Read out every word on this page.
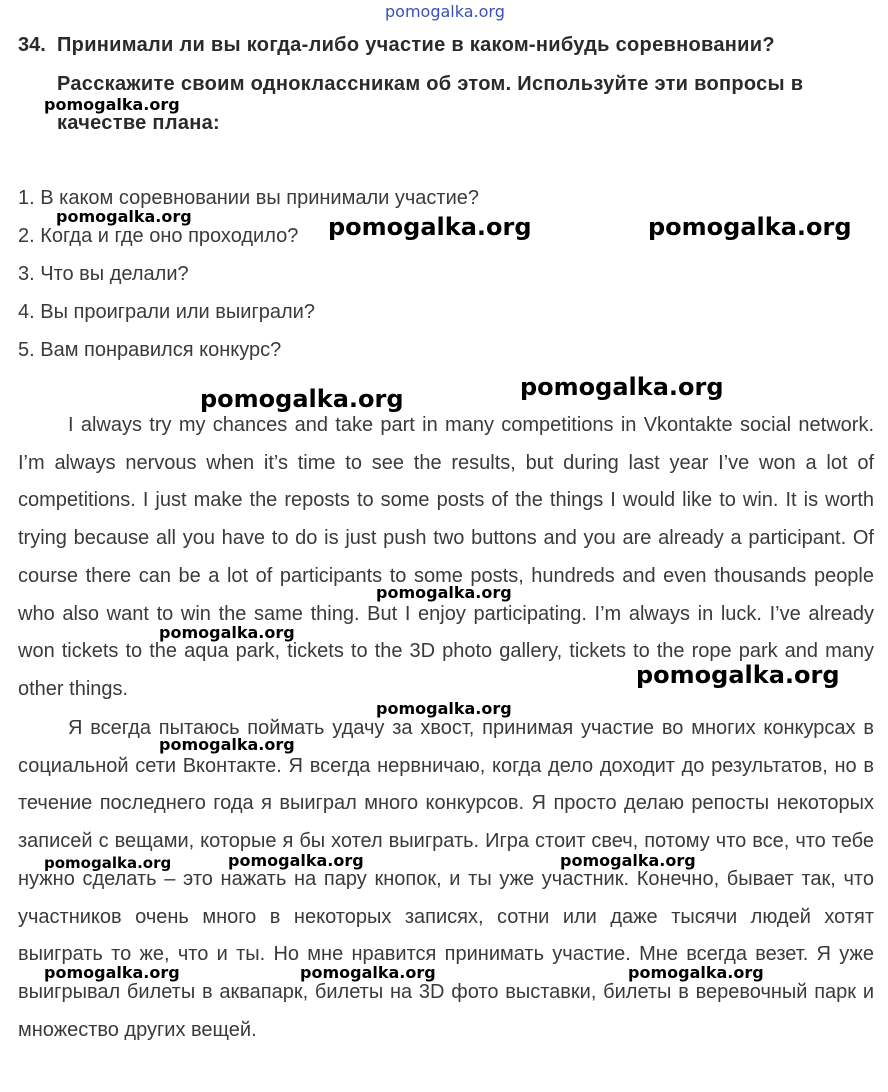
34. Принимали ли вы когда-либо участие в каком-нибудь соревновании?
Расскажите своим одноклассникам об этом. Используйте эти вопросы в
качестве плана:
1. В каком соревновании вы принимали участие?
2. Когда и где оно проходило?
3. Что вы делали?
4. Вы проиграли или выиграли?
5. Вам понравился конкурс?

I always try my chances and take part in many competitions in Vkontakte social network. I’m always nervous when it’s time to see the results, but during last year I’ve won a lot of competitions. I just make the reposts to some posts of the things I would like to win. It is worth trying because all you have to do is just push two buttons and you are already a participant. Of course there can be a lot of participants to some posts, hundreds and even thousands people who also want to win the same thing. But I enjoy participating. I’m always in luck. I’ve already won tickets to the aqua park, tickets to the 3D photo gallery, tickets to the rope park and many other things.

Я всегда пытаюсь поймать удачу за хвост, принимая участие во многих конкурсах в социальной сети Вконтакте. Я всегда нервничаю, когда дело доходит до результатов, но в течение последнего года я выиграл много конкурсов. Я просто делаю репосты некоторых записей с вещами, которые я бы хотел выиграть. Игра стоит свеч, потому что все, что тебе нужно сделать – это нажать на пару кнопок, и ты уже участник. Конечно, бывает так, что участников очень много в некоторых записях, сотни или даже тысячи людей хотят выиграть то же, что и ты. Но мне нравится принимать участие. Мне всегда везет. Я уже выигрывал билеты в аквапарк, билеты на 3D фото выставки, билеты в веревочный парк и множество других вещей.

pomogalka.org
pomogalka.org
pomogalka.org	pomogalka.org	pomogalka.org
pomogalka.org
pomogalka.org
pomogalka.org
pomogalka.org
pomogalka.org
pomogalka.org
pomogalka.org
pomogalka.org	pomogalka.org	pomogalka.org
pomogalka.org	pomogalka.org	pomogalka.org
